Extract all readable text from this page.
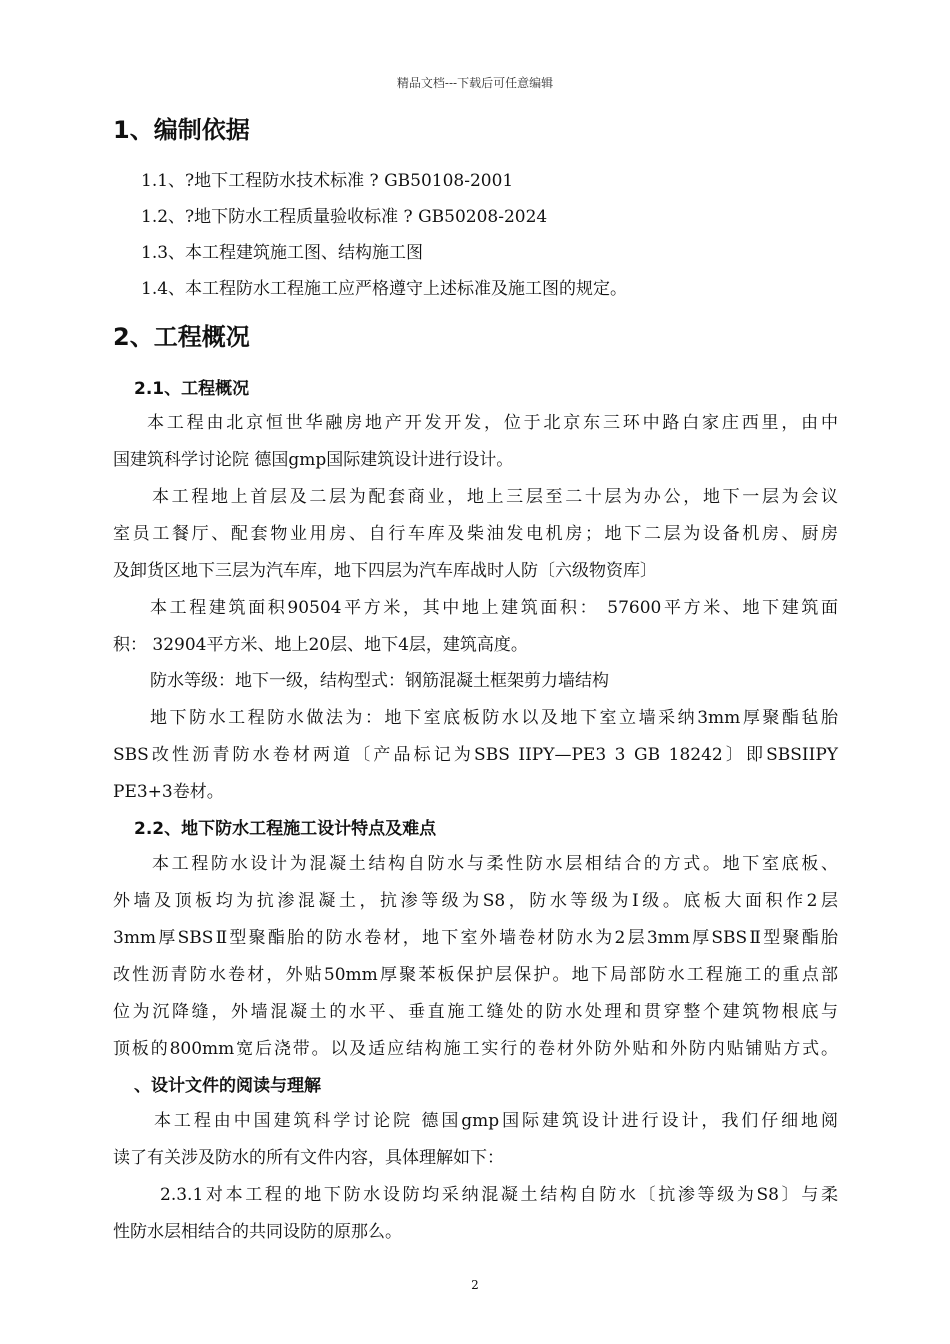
精品文档---下载后可任意编辑
1、编制依据
1.1、?地下工程防水技术标准 ? GB50108-2001
1.2、?地下防水工程质量验收标准 ? GB50208-2024
1.3、本工程建筑施工图、结构施工图
1.4、本工程防水工程施工应严格遵守上述标准及施工图的规定。
2、工程概况
2.1、工程概况
本工程由北京恒世华融房地产开发开发，位于北京东三环中路白家庄西里，由中
国建筑科学讨论院 德国gmp国际建筑设计进行设计。
本工程地上首层及二层为配套商业，地上三层至二十层为办公，地下一层为会议
室员工餐厅、配套物业用房、自行车库及柴油发电机房；地下二层为设备机房、厨房
及卸货区地下三层为汽车库，地下四层为汽车库战时人防〔六级物资库〕
本工程建筑面积90504平方米，其中地上建筑面积： 57600平方米、地下建筑面
积： 32904平方米、地上20层、地下4层，建筑高度。
防水等级：地下一级，结构型式：钢筋混凝土框架剪力墙结构
地下防水工程防水做法为：地下室底板防水以及地下室立墙采纳3mm厚聚酯毡胎
SBS改性沥青防水卷材两道〔产品标记为SBS IIPY—PE3 3 GB 18242〕即SBSIIPY
PE3+3卷材。
2.2、地下防水工程施工设计特点及难点
本工程防水设计为混凝土结构自防水与柔性防水层相结合的方式。地下室底板、
外墙及顶板均为抗渗混凝土，抗渗等级为S8，防水等级为Ⅰ级。底板大面积作2层
3mm厚SBSⅡ型聚酯胎的防水卷材，地下室外墙卷材防水为2层3mm厚SBSⅡ型聚酯胎
改性沥青防水卷材，外贴50mm厚聚苯板保护层保护。地下局部防水工程施工的重点部
位为沉降缝，外墙混凝土的水平、垂直施工缝处的防水处理和贯穿整个建筑物根底与
顶板的800mm宽后浇带。以及适应结构施工实行的卷材外防外贴和外防内贴铺贴方式。
、设计文件的阅读与理解
本工程由中国建筑科学讨论院 德国gmp国际建筑设计进行设计，我们仔细地阅
读了有关涉及防水的所有文件内容，具体理解如下：
2.3.1对本工程的地下防水设防均采纳混凝土结构自防水〔抗渗等级为S8〕与柔
性防水层相结合的共同设防的原那么。
2
